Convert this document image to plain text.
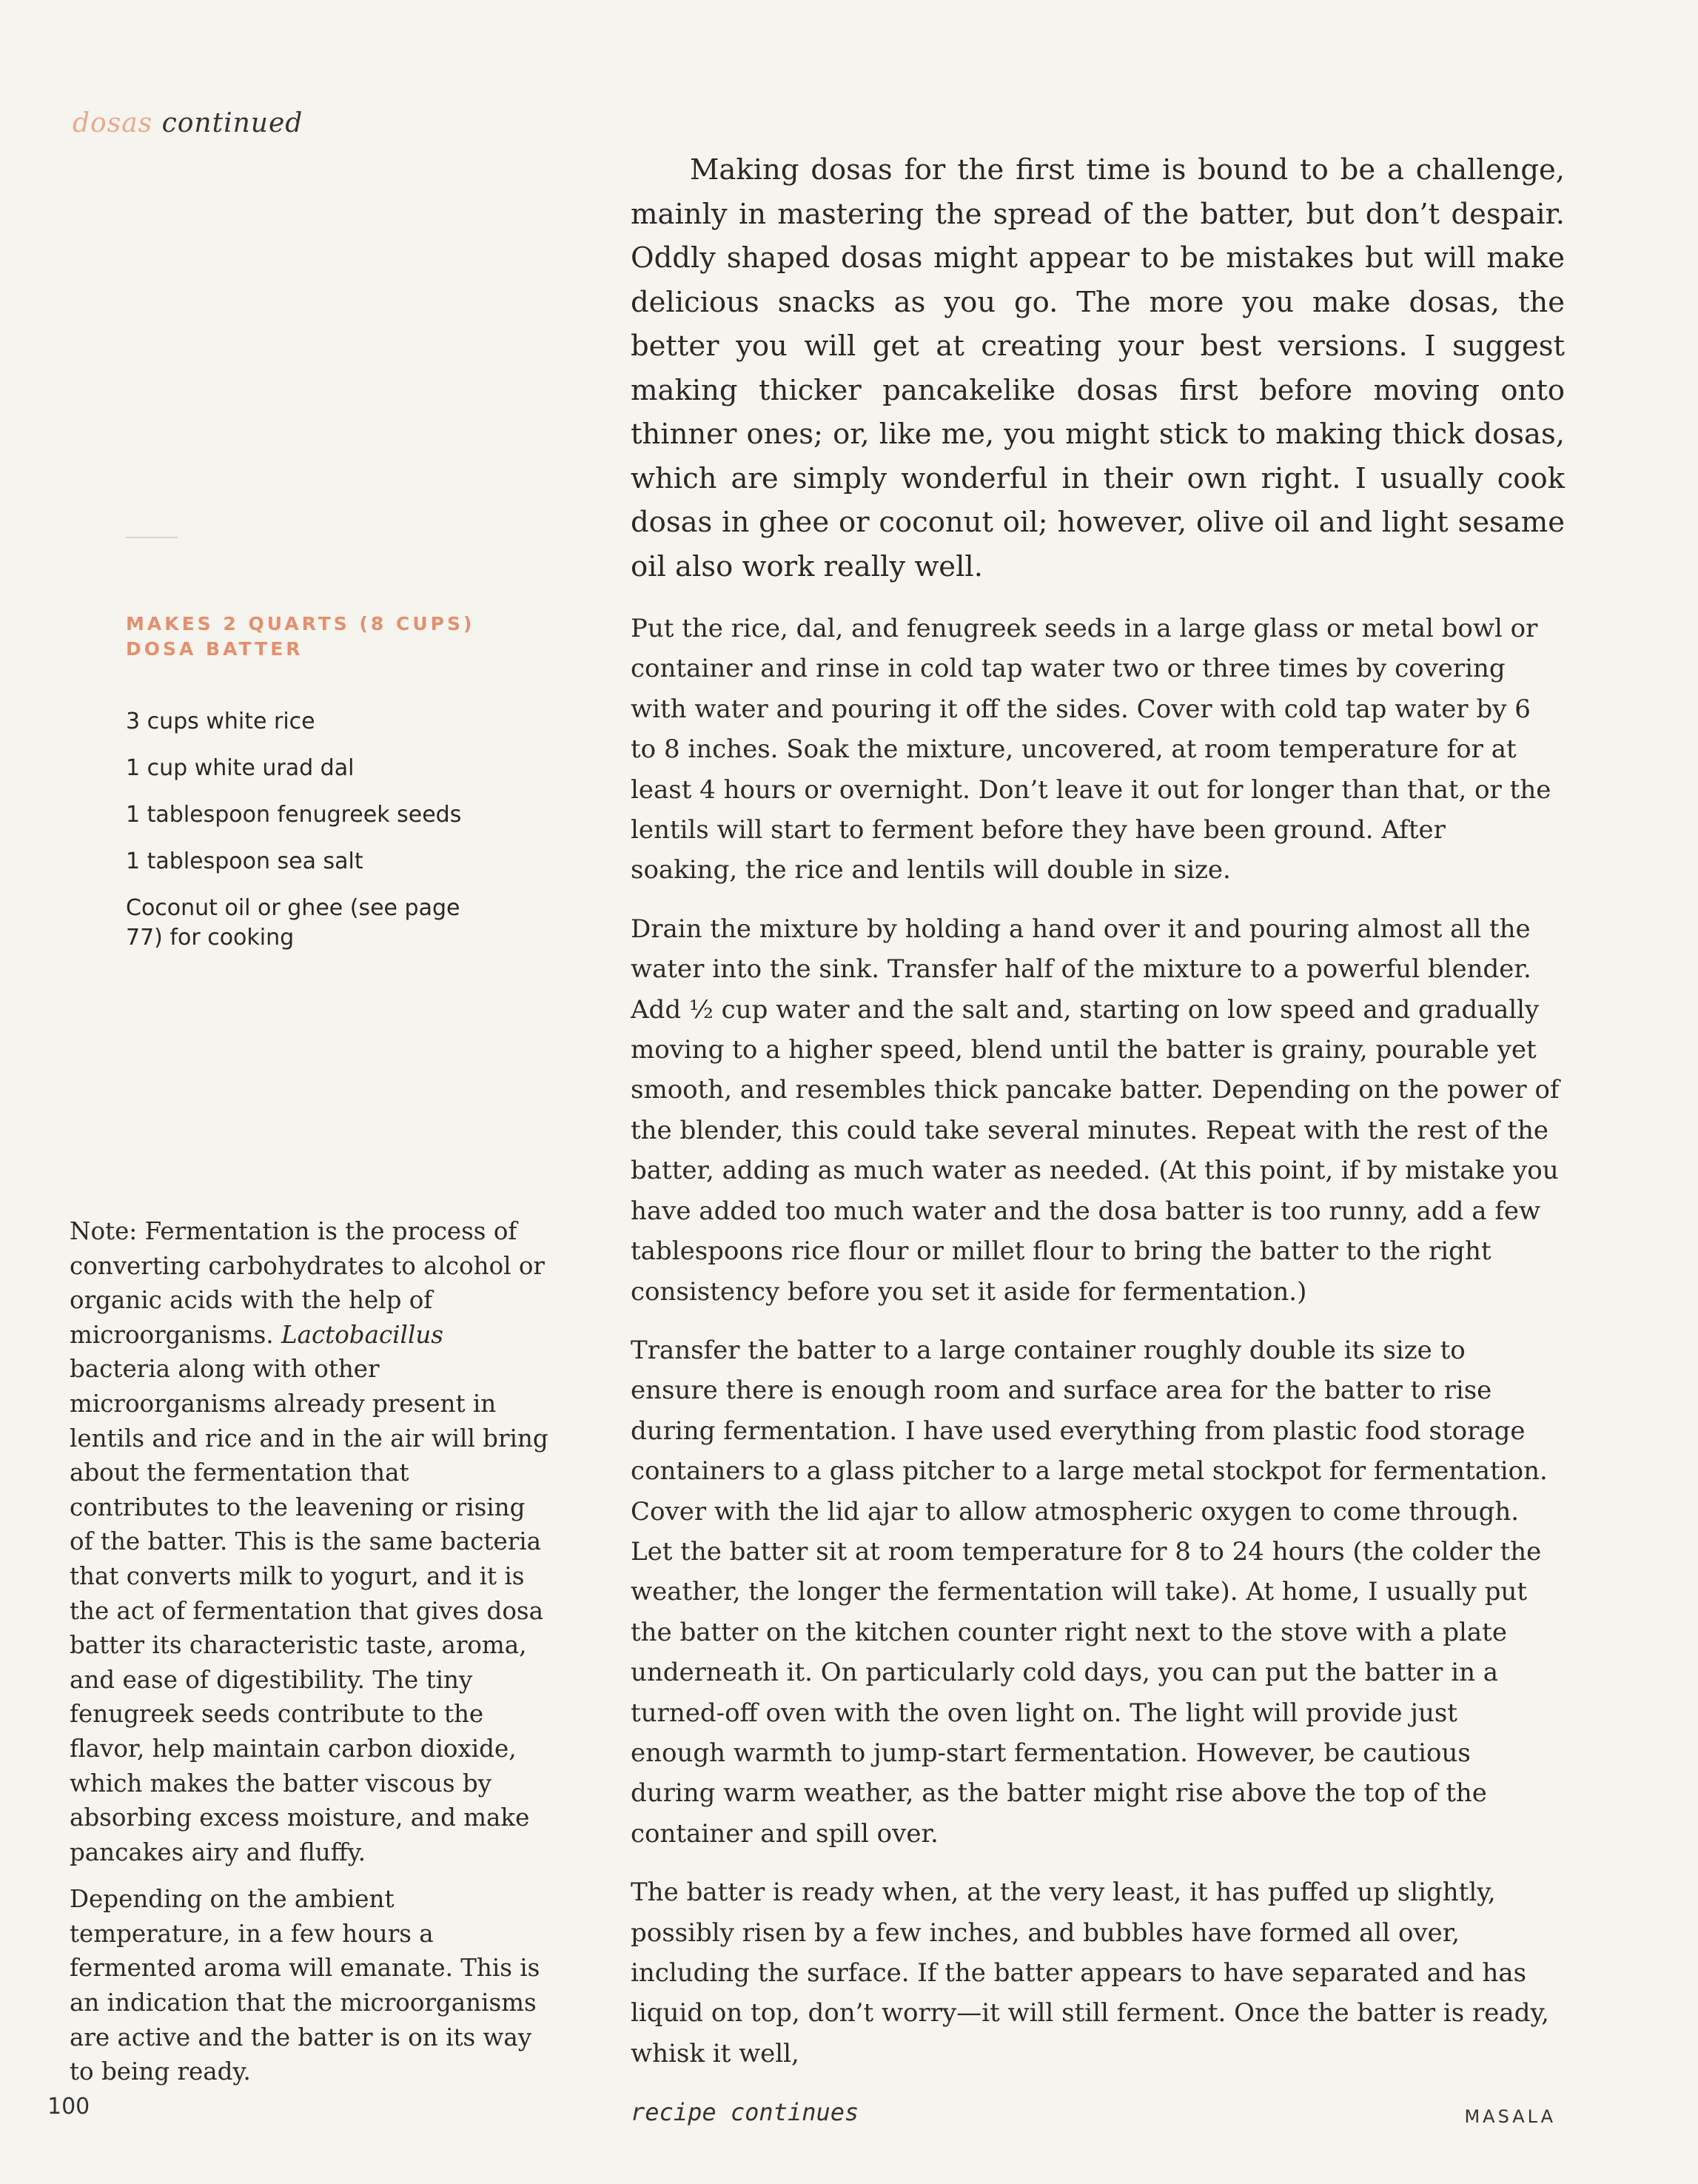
dosas continued

Making dosas for the first time is bound to be a challenge, mainly in mastering the spread of the batter, but don’t despair. Oddly shaped dosas might appear to be mistakes but will make delicious snacks as you go. The more you make dosas, the better you will get at creating your best versions. I suggest making thicker pancakelike dosas first before moving onto thinner ones; or, like me, you might stick to making thick dosas, which are simply wonderful in their own right. I usually cook dosas in ghee or coconut oil; however, olive oil and light sesame oil also work really well.

MAKES 2 QUARTS (8 CUPS)
DOSA BATTER
3 cups white rice
1 cup white urad dal
1 tablespoon fenugreek seeds
1 tablespoon sea salt
Coconut oil or ghee (see page 77) for cooking

Put the rice, dal, and fenugreek seeds in a large glass or metal bowl or container and rinse in cold tap water two or three times by covering with water and pouring it off the sides. Cover with cold tap water by 6 to 8 inches. Soak the mixture, uncovered, at room temperature for at least 4 hours or overnight. Don’t leave it out for longer than that, or the lentils will start to ferment before they have been ground. After soaking, the rice and lentils will double in size.

Drain the mixture by holding a hand over it and pouring almost all the water into the sink. Transfer half of the mixture to a powerful blender. Add ½ cup water and the salt and, starting on low speed and gradually moving to a higher speed, blend until the batter is grainy, pourable yet smooth, and resembles thick pancake batter. Depending on the power of the blender, this could take several minutes. Repeat with the rest of the batter, adding as much water as needed. (At this point, if by mistake you have added too much water and the dosa batter is too runny, add a few tablespoons rice flour or millet flour to bring the batter to the right consistency before you set it aside for fermentation.)

Transfer the batter to a large container roughly double its size to ensure there is enough room and surface area for the batter to rise during fermentation. I have used everything from plastic food storage containers to a glass pitcher to a large metal stockpot for fermentation. Cover with the lid ajar to allow atmospheric oxygen to come through. Let the batter sit at room temperature for 8 to 24 hours (the colder the weather, the longer the fermentation will take). At home, I usually put the batter on the kitchen counter right next to the stove with a plate underneath it. On particularly cold days, you can put the batter in a turned-off oven with the oven light on. The light will provide just enough warmth to jump-start fermentation. However, be cautious during warm weather, as the batter might rise above the top of the container and spill over.

The batter is ready when, at the very least, it has puffed up slightly, possibly risen by a few inches, and bubbles have formed all over, including the surface. If the batter appears to have separated and has liquid on top, don’t worry—it will still ferment. Once the batter is ready, whisk it well,

recipe continues

Note: Fermentation is the process of converting carbohydrates to alcohol or organic acids with the help of microorganisms. Lactobacillus bacteria along with other microorganisms already present in lentils and rice and in the air will bring about the fermentation that contributes to the leavening or rising of the batter. This is the same bacteria that converts milk to yogurt, and it is the act of fermentation that gives dosa batter its characteristic taste, aroma, and ease of digestibility. The tiny fenugreek seeds contribute to the flavor, help maintain carbon dioxide, which makes the batter viscous by absorbing excess moisture, and make pancakes airy and fluffy.

Depending on the ambient temperature, in a few hours a fermented aroma will emanate. This is an indication that the microorganisms are active and the batter is on its way to being ready.

100	MASALA
